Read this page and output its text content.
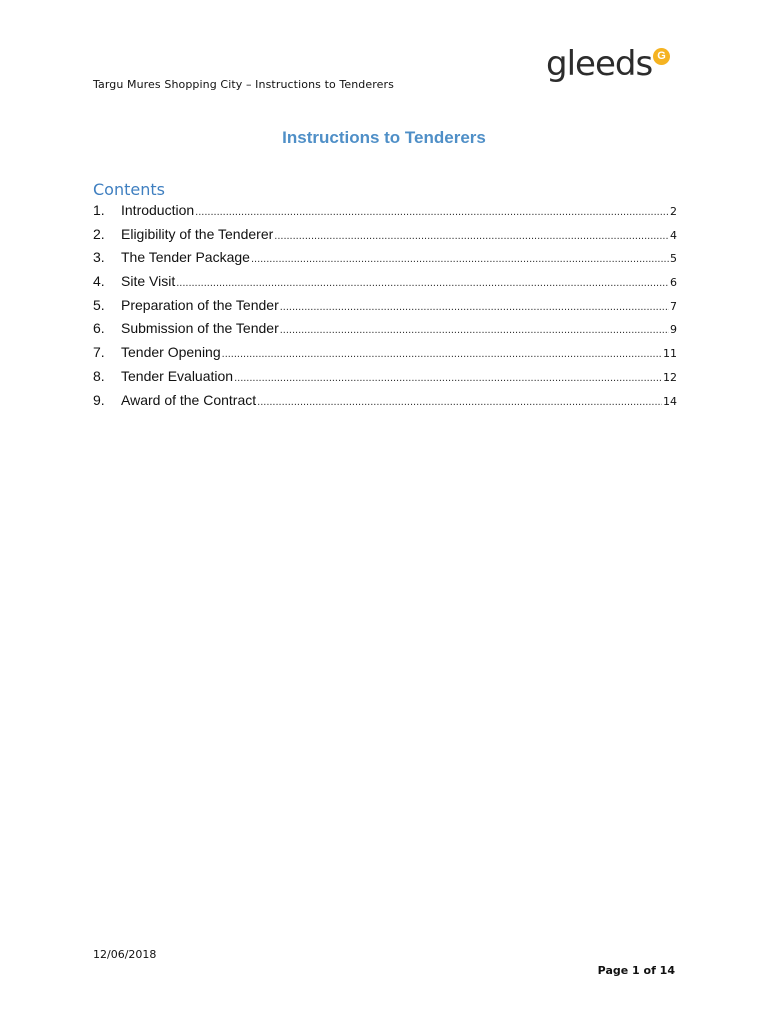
Targu Mures Shopping City – Instructions to Tenderers
gleeds G
Instructions to Tenderers
Contents
1.	Introduction .....	2
2.	Eligibility of the Tenderer .....	4
3.	The Tender Package .....	5
4.	Site Visit .....	6
5.	Preparation of the Tender .....	7
6.	Submission of the Tender .....	9
7.	Tender Opening .....	11
8.	Tender Evaluation .....	12
9.	Award of the Contract .....	14
12/06/2018
Page 1 of 14
